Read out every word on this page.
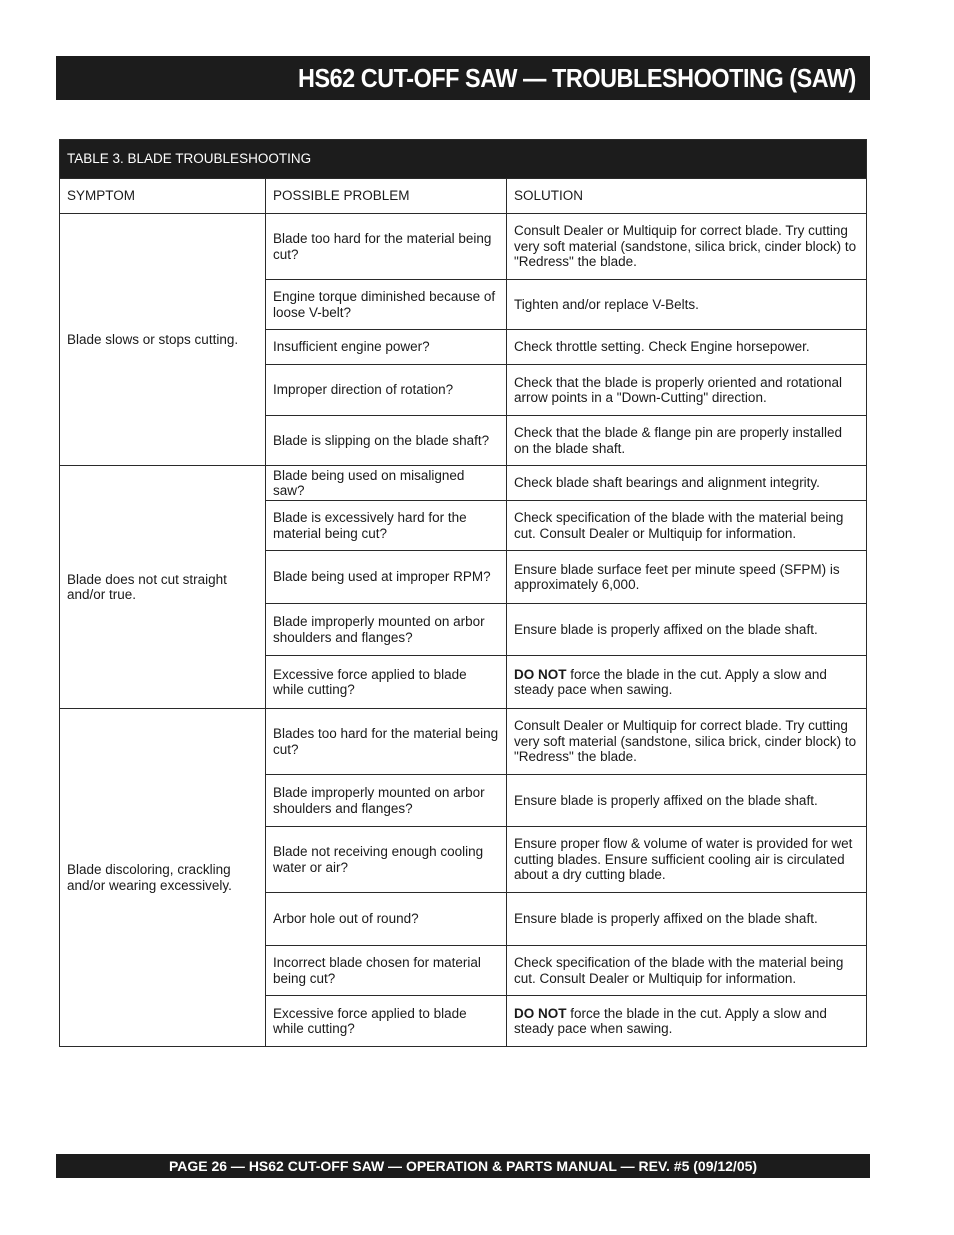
HS62 CUT-OFF SAW — TROUBLESHOOTING (SAW)
TABLE 3. BLADE TROUBLESHOOTING		
SYMPTOM	POSSIBLE PROBLEM	SOLUTION
Blade slows or stops cutting.	Blade too hard for the material being cut?	Consult Dealer or Multiquip for correct blade. Try cutting very soft material (sandstone, silica brick, cinder block) to "Redress" the blade.
	Engine torque diminished because of loose V-belt?	Tighten and/or replace V-Belts.
	Insufficient engine power?	Check throttle setting. Check Engine horsepower.
	Improper direction of rotation?	Check that the blade is properly oriented and rotational arrow points in a "Down-Cutting" direction.
	Blade is slipping on the blade shaft?	Check that the blade & flange pin are properly installed on the blade shaft.
Blade does not cut straight and/or true.	Blade being used on misaligned saw?	Check blade shaft bearings and alignment integrity.
	Blade is excessively hard for the material being cut?	Check specification of the blade with the material being cut. Consult Dealer or Multiquip for information.
	Blade being used at improper RPM?	Ensure blade surface feet per minute speed (SFPM) is approximately 6,000.
	Blade improperly mounted on arbor shoulders and flanges?	Ensure blade is properly affixed on the blade shaft.
	Excessive force applied to blade while cutting?	DO NOT force the blade in the cut. Apply a slow and steady pace when sawing.
Blade discoloring, crackling and/or wearing excessively.	Blades too hard for the material being cut?	Consult Dealer or Multiquip for correct blade. Try cutting very soft material (sandstone, silica brick, cinder block) to "Redress" the blade.
	Blade improperly mounted on arbor shoulders and flanges?	Ensure blade is properly affixed on the blade shaft.
	Blade not receiving enough cooling water or air?	Ensure proper flow & volume of water is provided for wet cutting blades. Ensure sufficient cooling air is circulated about a dry cutting blade.
	Arbor hole out of round?	Ensure blade is properly affixed on the blade shaft.
	Incorrect blade chosen for material being cut?	Check specification of the blade with the material being cut. Consult Dealer or Multiquip for information.
	Excessive force applied to blade while cutting?	DO NOT force the blade in the cut. Apply a slow and steady pace when sawing.
PAGE 26 — HS62 CUT-OFF SAW — OPERATION & PARTS MANUAL — REV. #5 (09/12/05)
